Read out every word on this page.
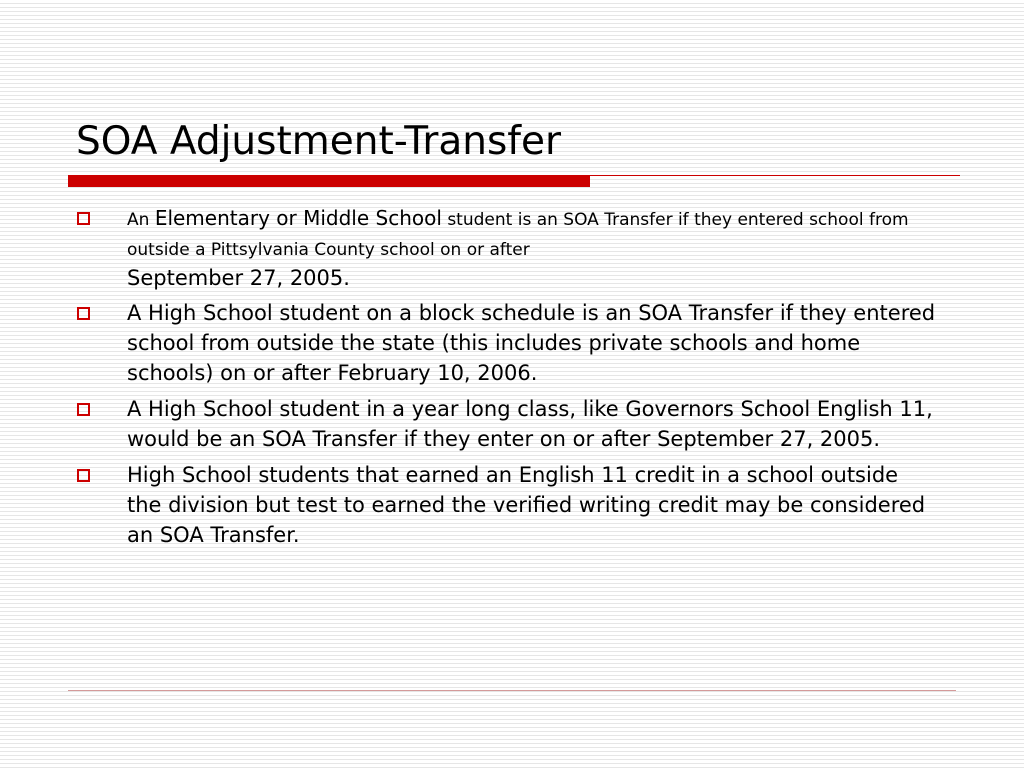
SOA Adjustment-Transfer
An Elementary or Middle School student is an SOA Transfer if they entered school from outside a Pittsylvania County school on or after
September 27, 2005.
A High School student on a block schedule is an SOA Transfer if they entered school from outside the state (this includes private schools and home schools) on or after February 10, 2006.
A High School student in a year long class, like Governors School English 11, would be an SOA Transfer if they enter on or after September 27, 2005.
High School students that earned an English 11 credit in a school outside the division but test to earned the verified writing credit may be considered an SOA Transfer.
